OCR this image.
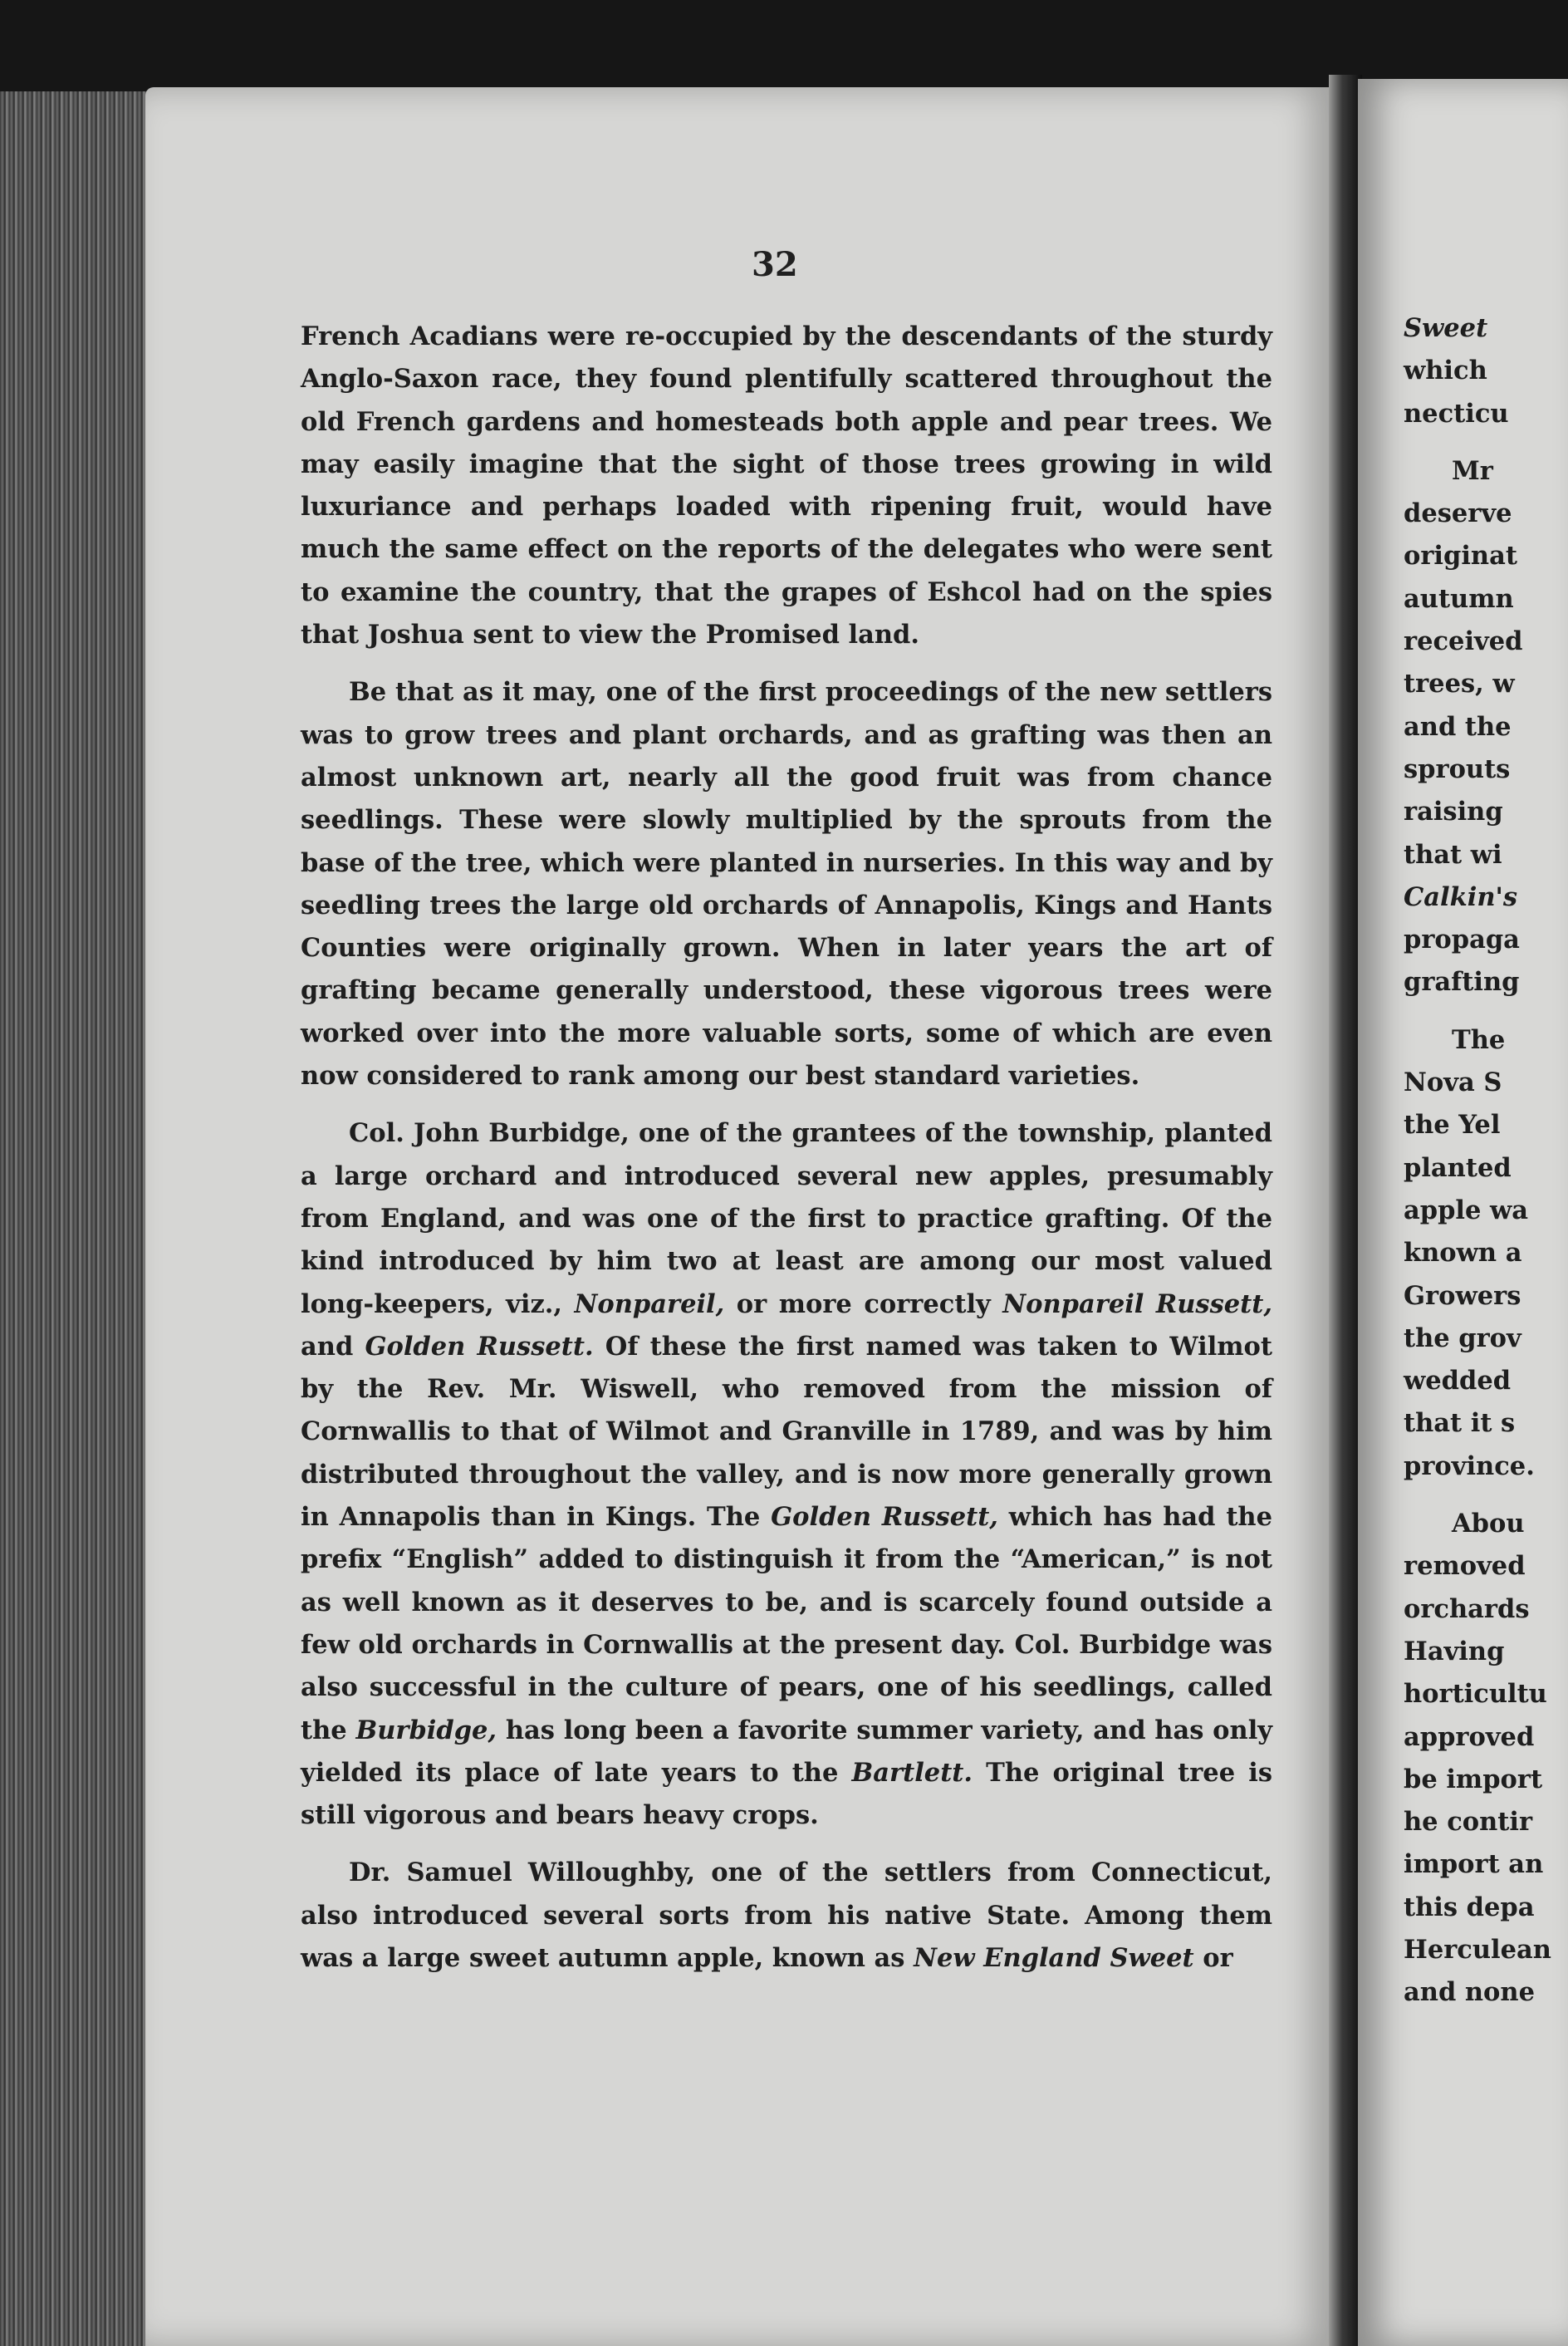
Sweet
which
necticu
Mr
deserve
originat
autumn
received
trees, w
and the
sprouts
raising
that wi
Calkin's
propaga
grafting
The
Nova S
the Yel
planted
apple wa
known a
Growers
the grov
wedded
that it s
province.
Abou
removed
orchards
Having
horticultu
approved
be import
he contir
import an
this depa
Herculean
and none
32

French Acadians were re-occupied by the descendants of the sturdy Anglo-Saxon race, they found plentifully scattered throughout the old French gardens and homesteads both apple and pear trees. We may easily imagine that the sight of those trees growing in wild luxuriance and perhaps loaded with ripening fruit, would have much the same effect on the reports of the delegates who were sent to examine the country, that the grapes of Eshcol had on the spies that Joshua sent to view the Promised land.

Be that as it may, one of the first proceedings of the new settlers was to grow trees and plant orchards, and as grafting was then an almost unknown art, nearly all the good fruit was from chance seedlings. These were slowly multiplied by the sprouts from the base of the tree, which were planted in nurseries. In this way and by seedling trees the large old orchards of Annapolis, Kings and Hants Counties were originally grown. When in later years the art of grafting became generally understood, these vigorous trees were worked over into the more valuable sorts, some of which are even now considered to rank among our best standard varieties.

Col. John Burbidge, one of the grantees of the township, planted a large orchard and introduced several new apples, presumably from England, and was one of the first to practice grafting. Of the kind introduced by him two at least are among our most valued long-keepers, viz., Nonpareil, or more correctly Nonpareil Russett, and Golden Russett. Of these the first named was taken to Wilmot by the Rev. Mr. Wiswell, who removed from the mission of Cornwallis to that of Wilmot and Granville in 1789, and was by him distributed throughout the valley, and is now more generally grown in Annapolis than in Kings. The Golden Russett, which has had the prefix “English” added to distinguish it from the “American,” is not as well known as it deserves to be, and is scarcely found outside a few old orchards in Cornwallis at the present day. Col. Burbidge was also successful in the culture of pears, one of his seedlings, called the Burbidge, has long been a favorite summer variety, and has only yielded its place of late years to the Bartlett. The original tree is still vigorous and bears heavy crops.

Dr. Samuel Willoughby, one of the settlers from Connecticut, also introduced several sorts from his native State. Among them was a large sweet autumn apple, known as New England Sweet or
